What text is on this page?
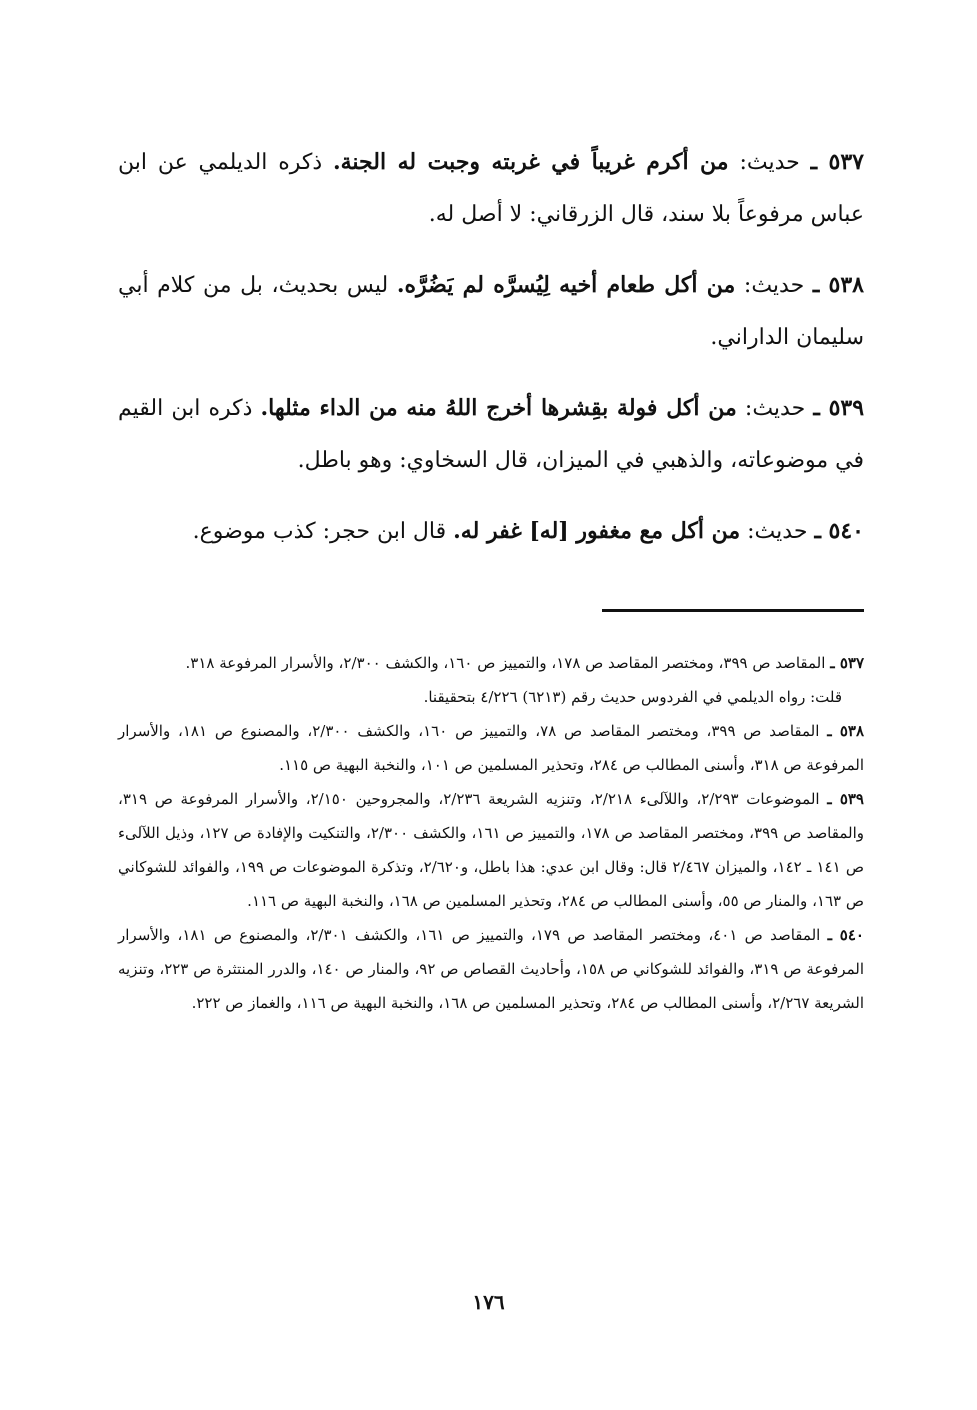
٥٣٧ ـ حديث: من أكرم غريباً في غربته وجبت له الجنة. ذكره الديلمي عن ابن عباس مرفوعاً بلا سند، قال الزرقاني: لا أصل له.

٥٣٨ ـ حديث: من أكل طعام أخيه لِيُسرَّه لم يَضُرَّه. ليس بحديث، بل من كلام أبي سليمان الداراني.

٥٣٩ ـ حديث: من أكل فولة بقِشرها أخرج اللهُ منه من الداء مثلها. ذكره ابن القيم في موضوعاته، والذهبي في الميزان، قال السخاوي: وهو باطل.

٥٤٠ ـ حديث: من أكل مع مغفور [له] غفر له. قال ابن حجر: كذب موضوع.

٥٣٧ ـ المقاصد ص ٣٩٩، ومختصر المقاصد ص ١٧٨، والتمييز ص ١٦٠، والكشف ٢/٣٠٠، والأسرار المرفوعة ٣١٨.

قلت: رواه الديلمي في الفردوس حديث رقم (٦٢١٣) ٤/٢٢٦ بتحقيقنا.

٥٣٨ ـ المقاصد ص ٣٩٩، ومختصر المقاصد ص ٧٨، والتمييز ص ١٦٠، والكشف ٢/٣٠٠، والمصنوع ص ١٨١، والأسرار المرفوعة ص ٣١٨، وأسنى المطالب ص ٢٨٤، وتحذير المسلمين ص ١٠١، والنخبة البهية ص ١١٥.

٥٣٩ ـ الموضوعات ٢/٢٩٣، واللآلىء ٢/٢١٨، وتنزيه الشريعة ٢/٢٣٦، والمجروحين ٢/١٥٠، والأسرار المرفوعة ص ٣١٩، والمقاصد ص ٣٩٩، ومختصر المقاصد ص ١٧٨، والتمييز ص ١٦١، والكشف ٢/٣٠٠، والتنكيت والإفادة ص ١٢٧، وذيل اللآلىء ص ١٤١ ـ ١٤٢، والميزان ٢/٤٦٧ قال: وقال ابن عدي: هذا باطل، و٢/٦٢٠، وتذكرة الموضوعات ص ١٩٩، والفوائد للشوكاني ص ١٦٣، والمنار ص ٥٥، وأسنى المطالب ص ٢٨٤، وتحذير المسلمين ص ١٦٨، والنخبة البهية ص ١١٦.

٥٤٠ ـ المقاصد ص ٤٠١، ومختصر المقاصد ص ١٧٩، والتمييز ص ١٦١، والكشف ٢/٣٠١، والمصنوع ص ١٨١، والأسرار المرفوعة ص ٣١٩، والفوائد للشوكاني ص ١٥٨، وأحاديث القصاص ص ٩٢، والمنار ص ١٤٠، والدرر المنتثرة ص ٢٢٣، وتنزيه الشريعة ٢/٢٦٧، وأسنى المطالب ص ٢٨٤، وتحذير المسلمين ص ١٦٨، والنخبة البهية ص ١١٦، والغماز ص ٢٢٢.

١٧٦
